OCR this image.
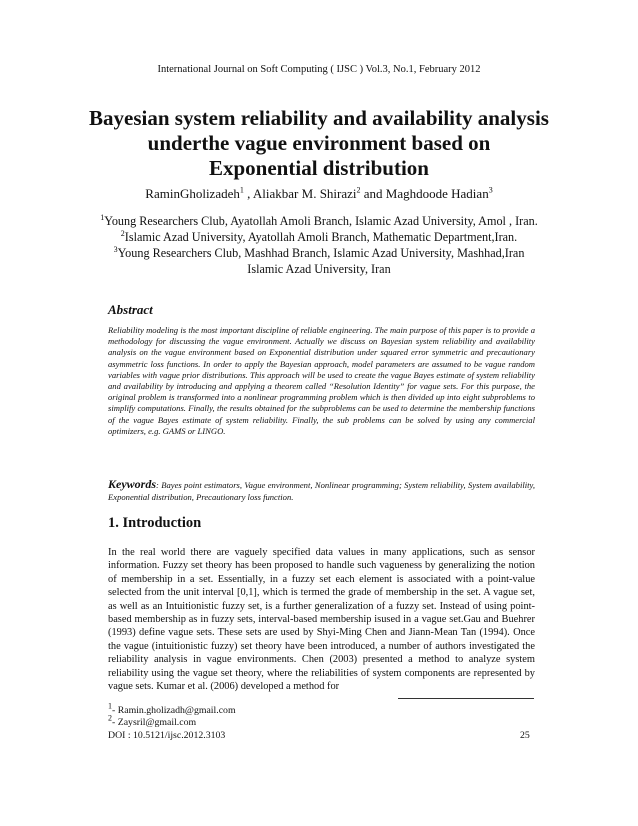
International Journal on Soft Computing ( IJSC ) Vol.3, No.1, February 2012
Bayesian system reliability and availability analysis
underthe vague environment based on
Exponential distribution
RaminGholizadeh$^1$ , Aliakbar M. Shirazi$^2$ and Maghdoode Hadian$^3$
$^1$Young Researchers Club, Ayatollah Amoli Branch, Islamic Azad University, Amol , Iran.
$^2$Islamic Azad University, Ayatollah Amoli Branch, Mathematic Department,Iran.
$^3$Young Researchers Club, Mashhad Branch, Islamic Azad University, Mashhad,Iran Islamic Azad University, Iran
Abstract
Reliability modeling is the most important discipline of reliable engineering. The main purpose of this paper is to provide a methodology for discussing the vague environment. Actually we discuss on Bayesian system reliability and availability analysis on the vague environment based on Exponential distribution under squared error symmetric and precautionary asymmetric loss functions. In order to apply the Bayesian approach, model parameters are assumed to be vague random variables with vague prior distributions. This approach will be used to create the vague Bayes estimate of system reliability and availability by introducing and applying a theorem called “Resolution Identity” for vague sets. For this purpose, the original problem is transformed into a nonlinear programming problem which is then divided up into eight subproblems to simplify computations. Finally, the results obtained for the subproblems can be used to determine the membership functions of the vague Bayes estimate of system reliability. Finally, the sub problems can be solved by using any commercial optimizers, e.g. GAMS or LINGO.
Keywords: Bayes point estimators, Vague environment, Nonlinear programming; System reliability, System availability, Exponential distribution, Precautionary loss function.
1. Introduction
In the real world there are vaguely specified data values in many applications, such as sensor information. Fuzzy set theory has been proposed to handle such vagueness by generalizing the notion of membership in a set. Essentially, in a fuzzy set each element is associated with a point-value selected from the unit interval [0,1], which is termed the grade of membership in the set. A vague set, as well as an Intuitionistic fuzzy set, is a further generalization of a fuzzy set. Instead of using point-based membership as in fuzzy sets, interval-based membership isused in a vague set.Gau and Buehrer (1993) define vague sets. These sets are used by Shyi-Ming Chen and Jiann-Mean Tan (1994). Once the vague (intuitionistic fuzzy) set theory have been introduced, a number of authors investigated the reliability analysis in vague environments. Chen (2003) presented a method to analyze system reliability using the vague set theory, where the reliabilities of system components are represented by vague sets. Kumar et al. (2006) developed a method for
$^1$- Ramin.gholizadh@gmail.com
$^2$- Zaysril@gmail.com
DOI : 10.5121/ijsc.2012.3103	25
